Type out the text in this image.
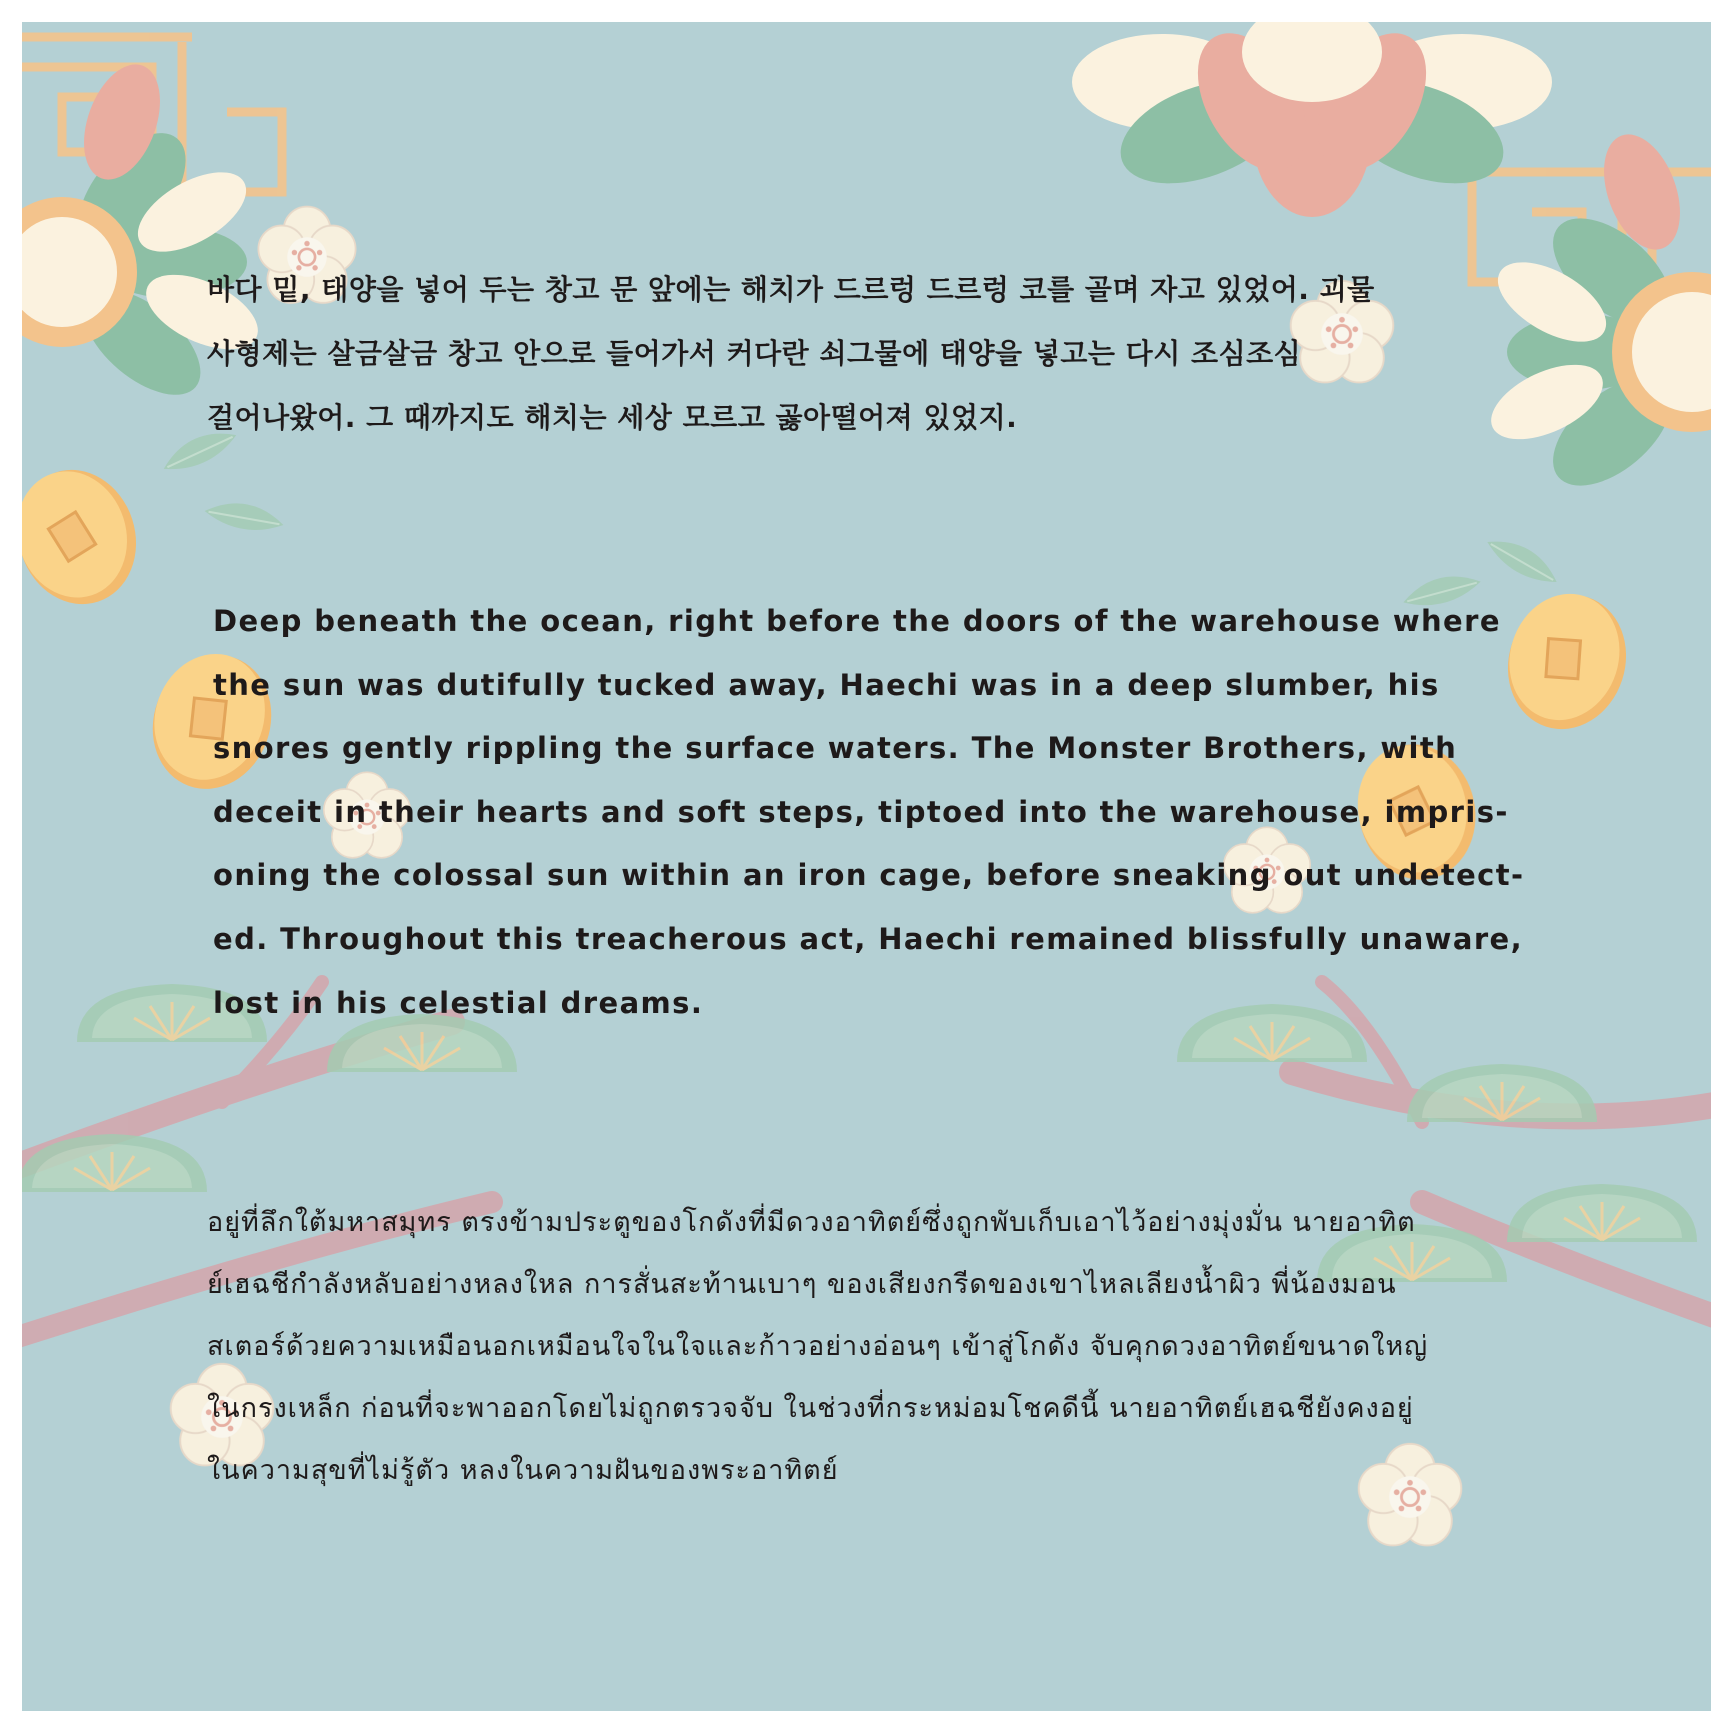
바다 밑, 태양을 넣어 두는 창고 문 앞에는 해치가 드르렁 드르렁 코를 골며 자고 있었어. 괴물
사형제는 살금살금 창고 안으로 들어가서 커다란 쇠그물에 태양을 넣고는 다시 조심조심
걸어나왔어. 그 때까지도 해치는 세상 모르고 곯아떨어져 있었지.
Deep beneath the ocean, right before the doors of the warehouse where
the sun was dutifully tucked away, Haechi was in a deep slumber, his
snores gently rippling the surface waters. The Monster Brothers, with
deceit in their hearts and soft steps, tiptoed into the warehouse, impris-
oning the colossal sun within an iron cage, before sneaking out undetect-
ed. Throughout this treacherous act, Haechi remained blissfully unaware,
lost in his celestial dreams.
อยู่ที่ลึกใต้มหาสมุทร ตรงข้ามประตูของโกดังที่มีดวงอาทิตย์ซึ่งถูกพับเก็บเอาไว้อย่างมุ่งมั่น นายอาทิต
ย์เฮฉชีกำลังหลับอย่างหลงใหล การสั่นสะท้านเบาๆ ของเสียงกรีดของเขาไหลเลียงน้ำผิว พี่น้องมอน
สเตอร์ด้วยความเหมือนอกเหมือนใจในใจและก้าวอย่างอ่อนๆ เข้าสู่โกดัง จับคุกดวงอาทิตย์ขนาดใหญ่
ในกรงเหล็ก ก่อนที่จะพาออกโดยไม่ถูกตรวจจับ ในช่วงที่กระหม่อมโชคดีนี้ นายอาทิตย์เฮฉชียังคงอยู่
ในความสุขที่ไม่รู้ตัว หลงในความฝันของพระอาทิตย์
